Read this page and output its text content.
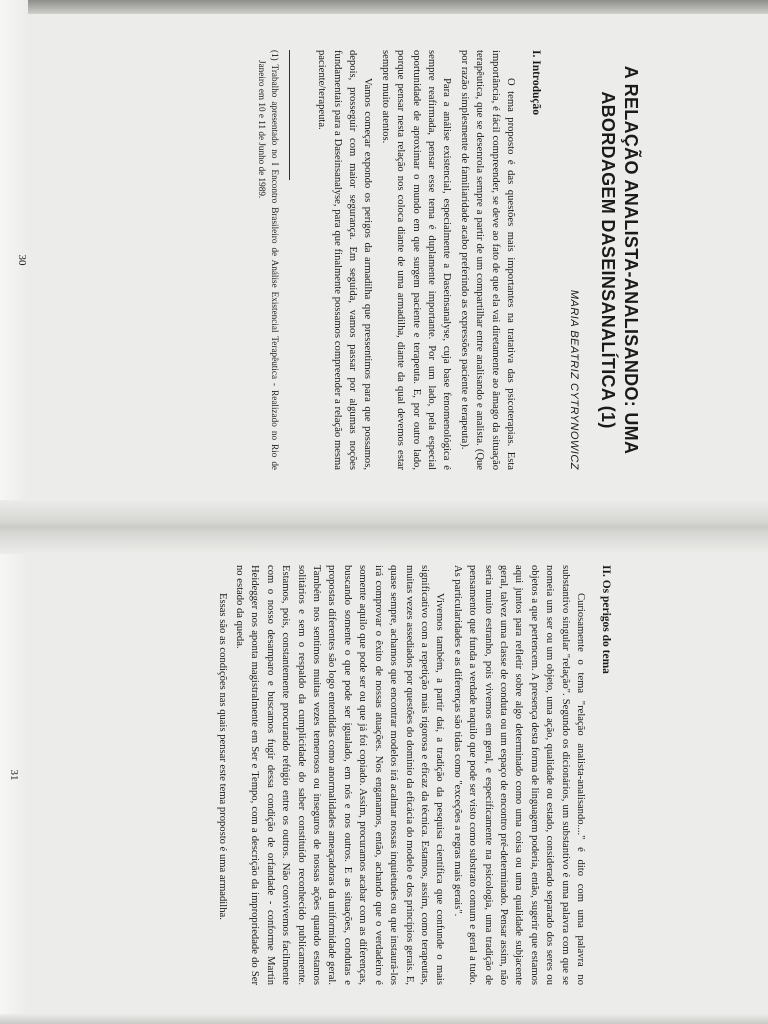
A RELAÇÃO ANALISTA-ANALISANDO: UMA ABORDAGEM DASEINSANALÍTICA (1)
MARIA BEATRIZ CYTRYNOWICZ
I. Introdução

O tema proposto é das questões mais importantes na tratativa das psicoterapias. Esta importância, é fácil compreender, se deve ao fato de que ela vai diretamente ao âmago da situação terapêutica, que se desenrola sempre a partir de um compartilhar entre analisando e analista. (Que por razão simplesmente de familiaridade acabo preferindo as expressões paciente e terapeuta).

Para a análise existencial, especialmente a Daseinsanalyse, cuja base fenomenológica é sempre reafirmada, pensar esse tema é duplamente importante. Por um lado, pela especial oportunidade de aproximar o mundo em que surgem paciente e terapeuta. E, por outro lado, porque pensar nesta relação nos coloca diante de uma armadilha, diante da qual devemos estar sempre muito atentos.

Vamos começar expondo os perigos da armadilha que pressentimos para que possamos, depois, prosseguir com maior segurança. Em seguida, vamos passar por algumas noções fundamentais para a Daseinsanalyse, para que finalmente possamos compreender a relação mesma paciente/terapeuta.

(1) Trabalho apresentado no I Encontro Brasileiro de Análise Existencial Terapêutica - Realizado no Rio de Janeiro em 10 e 11 de Junho de 1989.

30
II. Os perigos do tema

Curiosamente o tema "relação analista-analisando...." é dito com uma palavra no substantivo singular "relação". Segundo os dicionários, um substantivo é uma palavra com que se nomeia um ser ou um objeto, uma ação, qualidade ou estado, considerado separado dos seres ou objetos a que pertencem. A presença desta forma de linguagem poderia, então, sugerir que estamos aqui juntos para refletir sobre algo determinado como uma coisa ou uma qualidade subjacente geral, talvez uma classe de conduta ou um espaço de encontro pré-determinado. Pensar assim, não seria muito estranho, pois vivemos em geral, e especificamente na psicologia, uma tradição de pensamento que funda a verdade naquilo que pode ser visto como substrato comum e geral a tudo. As particularidades e as diferenças são tidas como "exceções a regras mais gerais".

Vivemos também, a partir daí, a tradição da pesquisa científica que confunde o mais significativo com a repetição mais rigorosa e eficaz da técnica. Estamos, assim, como terapeutas, muitas vezes assediados por questões do domínio da eficácia do modelo e dos princípios gerais. E, quase sempre, achamos que encontrar modelos irá acalmar nossas inquietudes ou que instaurá-los irá comprovar o êxito de nossas atuações. Nos enganamos, então, achando que o verdadeiro é somente aquilo que pode ser ou que já foi copiado. Assim, procuramos acabar com as diferenças, buscando somente o que pode ser igualado, em nós e nos outros. E as situações, condutas e propostas diferentes são logo entendidas como anormalidades ameaçadoras da uniformidade geral. Também nos sentimos muitas vezes temerosos ou inseguros de nossas ações quando estamos solitários e sem o respaldo da cumplicidade do saber constituído reconhecido publicamente. Estamos, pois, constantemente procurando refúgio entre os outros. Não convivemos facilmente com o nosso desamparo e buscamos fugir dessa condição de orfandade - conforme Martin Heidegger nos aponta magistralmente em Ser e Tempo, com a descrição da impropriedade do Ser no estado da queda.

Essas são as condições nas quais pensar este tema proposto é uma armadilha.

31
